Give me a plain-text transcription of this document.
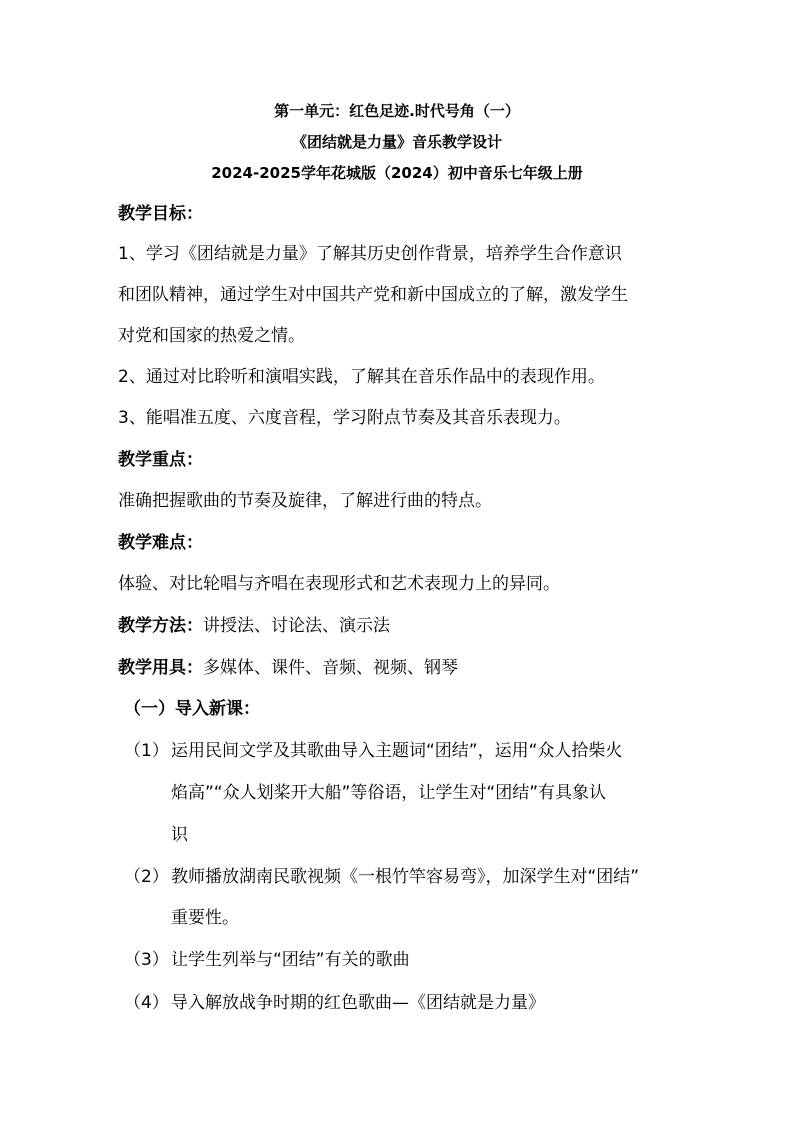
第一单元：红色足迹.时代号角（一）
《团结就是力量》音乐教学设计
2024-2025学年花城版（2024）初中音乐七年级上册
教学目标：
1、学习《团结就是力量》了解其历史创作背景，培养学生合作意识
和团队精神，通过学生对中国共产党和新中国成立的了解，激发学生
对党和国家的热爱之情。
2、通过对比聆听和演唱实践，了解其在音乐作品中的表现作用。
3、能唱准五度、六度音程，学习附点节奏及其音乐表现力。
教学重点：
准确把握歌曲的节奏及旋律，了解进行曲的特点。
教学难点：
体验、对比轮唱与齐唱在表现形式和艺术表现力上的异同。
教学方法：讲授法、讨论法、演示法
教学用具：多媒体、课件、音频、视频、钢琴
（一）导入新课：
（1） 运用民间文学及其歌曲导入主题词“团结”，运用“众人拾柴火
焰高”“众人划桨开大船”等俗语，让学生对“团结”有具象认
识
（2） 教师播放湖南民歌视频《一根竹竿容易弯》，加深学生对“团结”
重要性。
（3） 让学生列举与“团结”有关的歌曲
（4） 导入解放战争时期的红色歌曲—《团结就是力量》
